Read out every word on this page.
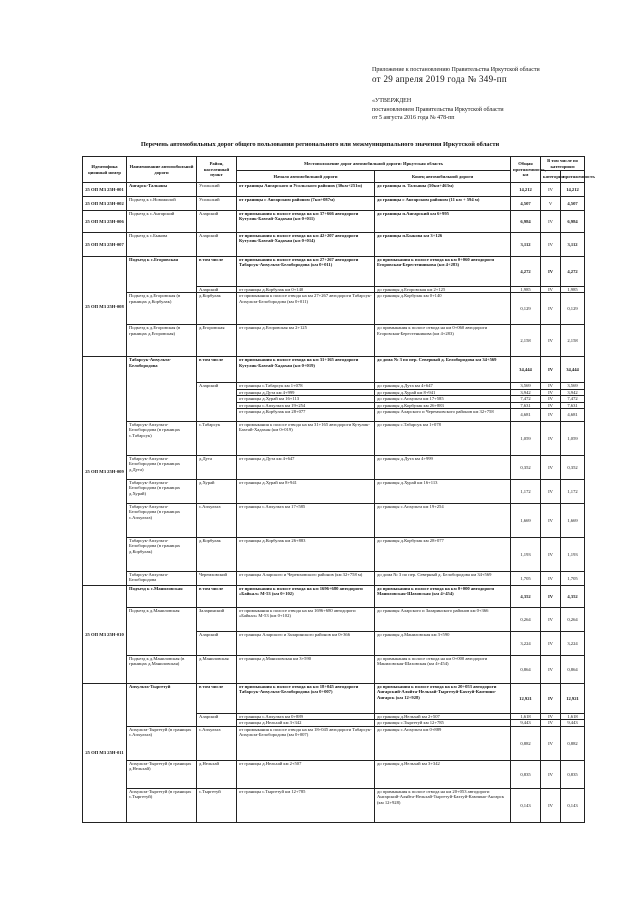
Приложение к постановлению Правительства Иркутской области
от 29 апреля 2019 года № 349-пп
«УТВЕРЖДЕН
постановлением Правительства Иркутской области
от 5 августа 2016 года № 478-пп
Перечень автомобильных дорог общего пользования регионального или межмуниципального значения Иркутской области
Идентифика ционный номер	Наименование автомобильной дороги	Район, населенный пункт	Местоположение дорог автомобильной дороги: Иркутская область		Общая протяженность, км	В том числе по категориям	
			Начало автомобильной дороги	Конец автомобильной дороги		категории	протяженность
25 ОП МЗ 25Н-001	Ангарск-Тальяны	Усольский	от границы Ангарского и Усольского районов (30км+251м)	до границы п. Тальяны (50км+463м)	14,212	IV	14,212
25 ОП МЗ 25Н-002	Подъезд к с.Новожилой	Усольский	от границы с Ангарским районом (7км+087м)	до границы с Ангарским районом (11 км + 594 м)	4,507	V	4,507
25 ОП МЗ 25Н-006	Подъезд к с.Ангарский	Аларский	от примыкания к полосе отвода на км 37+666 автодороги Кутулик-Бахтай-Хадахан (км 0+011)	до границы п.Ангарский км 6+995	6,984	IV	6,984
25 ОП МЗ 25Н-007	Подъезд к с.Быкова	Аларский	от примыкания к полосе отвода на км 42+207 автодороги Кутулик-Бахтай-Хадахан (км 0+014)	до границы п.Быкова км 3+126	3,112	IV	3,112
25 ОП МЗ 25Н-008	Подъезд к с.Егоровская	в том числе	от примыкания к полосе отвода на км 27+267 автодороги Табарсук-Апхульта-Белобородова (км 0+011)	до примыкания к полосе отвода на км 0+060 автодороги Егоровская-Берестенникова (км 4+283)	4,272	IV	4,272
		Аларский	от границы д.Корбулак км 0+140	до границы д.Егоровская км 2+125	1,985	IV	1,985
	Подъезд к д.Егоровская (в границах д.Корбулак)	д.Корбулак	от примыкания к полосе отвода на км 27+267 автодороги Табарсук-Апхульта-Белобородова (км 0+011)	до границы д.Корбулак км 0+140	0,129	IV	0,129
	Подъезд к д.Егоровская (в границах д.Егоровская)	д.Егоровская	от границы д.Егоровская км 2+125	до примыкания к полосе отвода на км 0+060 автодороги Егоровская-Берестенникова (км 4+283)	2,158	IV	2,158
25 ОП МЗ 25Н-009	Табарсук-Апхульта-Белобородова	в том числе	от примыкания к полосе отвода на км 31+165 автодороги Кутулик-Бахтай-Хадахан (км 0+019)	до дома № 3 по пер. Северный д. Белобородова км 34+569	34,444	IV	34,444
		Аларский	от границы с.Табарсук км 1+078	до границы д.Дута км 4+647	3,569	IV	3,569
			от границы д.Дута км 4+999	до границы д.Хурай км 8+941	3,942	IV	3,942
			от границы д.Хурай км 16+113	до границы с.Апхульта км 17+585	7,472	IV	7,472
			от границы с.Апхульта км 19+254	до границы д.Корбулак км 26+883	7,631	IV	7,631
			от границы д.Корбулак км 28+077	до границы Аларского и Черемховского районов км 32+758	4,681	IV	4,681
	Табарсук-Апхульта-Белобородова (в границах с.Табарсук)	с.Табарсук	от примыкания к полосе отвода на км 31+165 автодороги Кутулик-Бахтай-Хадахан (км 0+019)	до границы с.Табарсук км 1+078	1,059	IV	1,059
	Табарсук-Апхульта-Белобородова (в границах д.Дута)	д.Дута	от границы д.Дута км 4+647	до границы д.Дута км 4+999	0,352	IV	0,352
	Табарсук-Апхульта-Белобородова (в границах д.Хурай)	д.Хурай	от границы д.Хурай км 8+941	до границы д.Хурай км 16+113	1,172	IV	1,172
	Табарсук-Апхульта-Белобородова (в границах с.Апхульта)	с.Апхульта	от границы с.Апхульта км 17+585	до границы с.Апхульта км 19+254	1,669	IV	1,669
	Табарсук-Апхульта-Белобородова (в границах д.Корбулак)	д.Корбулак	от границы д.Корбулак км 26+883	до границы д.Корбулак км 28+077	1,193	IV	1,193
	Табарсук-Апхульта-Белобородова	Черемховский	от границы Аларского и Черемховского районов (км 32+758 м)	до дома № 3 по пер. Северный д. Белобородова км 34+569	1,705	IV	1,705
25 ОП МЗ 25Н-010	Подъезд к с.Маниловская	в том числе	от примыкания к полосе отвода на км 1696+680 автодороги «Байкал» М-53 (км 0+102)	до примыкания к полосе отвода на км 0+000 автодороги Маниловская-Шаховская (км 4+454)	4,352	IV	4,352
	Подъезд к д.Маниловская	Заларинский	от примыкания к полосе отвода на км 1696+680 автодороги «Байкал» М-53 (км 0+102)	до границы Аларского и Заларинского районов км 0+366	0,264	IV	0,264
		Аларский	от границы Аларского и Заларинского районов км 0+366	до границы д.Маниловская км 3+590	3,224	IV	3,224
	Подъезд к д.Маниловская (в границах д.Маниловская)	д.Маниловская	от границы д.Маниловская км 3+590	до примыкания к полосе отвода на км 0+000 автодороги Маниловская-Шаховская (км 4+454)	0,864	IV	0,864
25 ОП МЗ 25Н-011	Апхульта-Тыргетуй	в том числе	от примыкания к полосе отвода на км 18+045 автодороги Табарсук-Апхульта-Белобородова (км 0+007)	до примыкания к полосе отвода на км 20+053 автодороги Ангарский-Аляйта-Нельхай-Тыргетуй-Бахтуй-Камчино-Ангарск (км 12+928)	12,921	IV	12,921
		Аларский	от границы с.Апхульта км 0+889	до границы д.Нельхай км 2+507	1,618	IV	1,618
			от границы д.Нельхай км 3+342	до границы с.Тыргетуй км 12+785	9,443	IV	9,443
	Апхульта-Тыргетуй (в границах с.Апхульта)	с.Апхульта	от примыкания к полосе отвода на км 18+045 автодороги Табарсук-Апхульта-Белобородова (км 0+007)	до границы с.Апхульта км 0+889	0,882	IV	0,882
	Апхульта-Тыргетуй (в границах д.Нельхай)	д.Нельхай	от границы д.Нельхай км 2+507	до границы д.Нельхай км 3+342	0,835	IV	0,835
	Апхульта-Тыргетуй (в границах с.Тыргетуй)	с.Тыргетуй	от границы с.Тыргетуй км 12+785	до примыкания к полосе отвода на км 20+053 автодороги Ангарский-Аляйта-Нельхай-Тыргетуй-Бахтуй-Камчино-Ангарск (км 12+928)	0,143	IV	0,143
